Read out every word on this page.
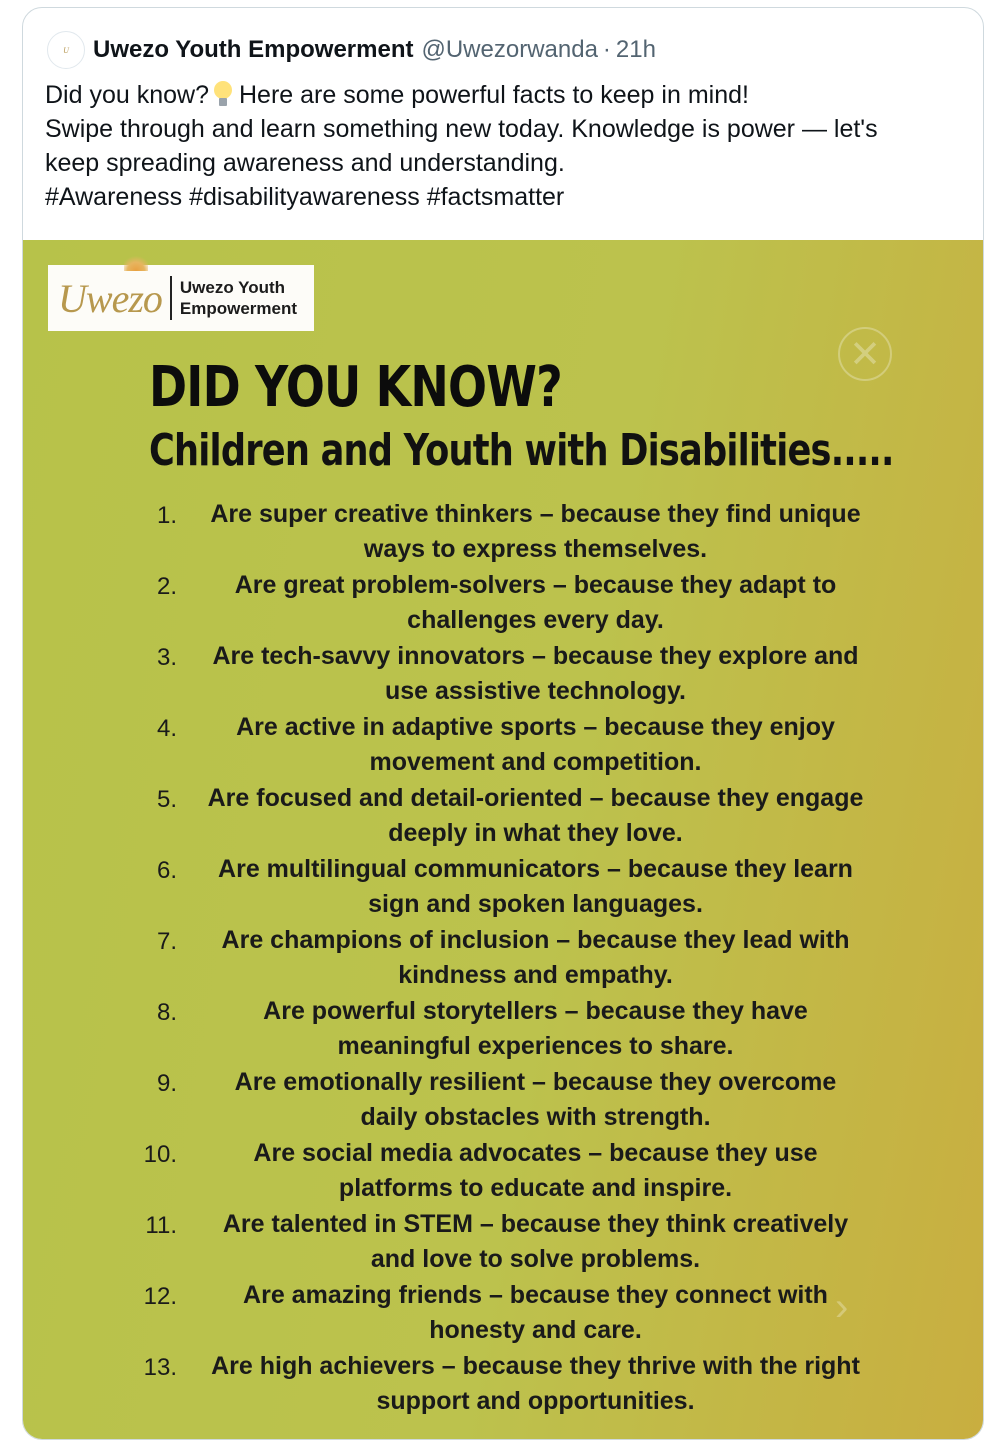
U Uwezo Youth Empowerment @Uwezorwanda · 21h
Did you know? Here are some powerful facts to keep in mind!
Swipe through and learn something new today. Knowledge is power — let's
keep spreading awareness and understanding.
#Awareness #disabilityawareness #factsmatter
Uwezo Uwezo Youth
Empowerment
✕
DID YOU KNOW?
Children and Youth with Disabilities.....
1.	Are super creative thinkers – because they find unique
ways to express themselves.
2.	Are great problem-solvers – because they adapt to
challenges every day.
3.	Are tech-savvy innovators – because they explore and
use assistive technology.
4.	Are active in adaptive sports – because they enjoy
movement and competition.
5.	Are focused and detail-oriented – because they engage
deeply in what they love.
6.	Are multilingual communicators – because they learn
sign and spoken languages.
7.	Are champions of inclusion – because they lead with
kindness and empathy.
8.	Are powerful storytellers – because they have
meaningful experiences to share.
9.	Are emotionally resilient – because they overcome
daily obstacles with strength.
10.	Are social media advocates – because they use
platforms to educate and inspire.
11.	Are talented in STEM – because they think creatively
and love to solve problems.
12.	Are amazing friends – because they connect with
honesty and care.
13.	Are high achievers – because they thrive with the right
support and opportunities.
›
